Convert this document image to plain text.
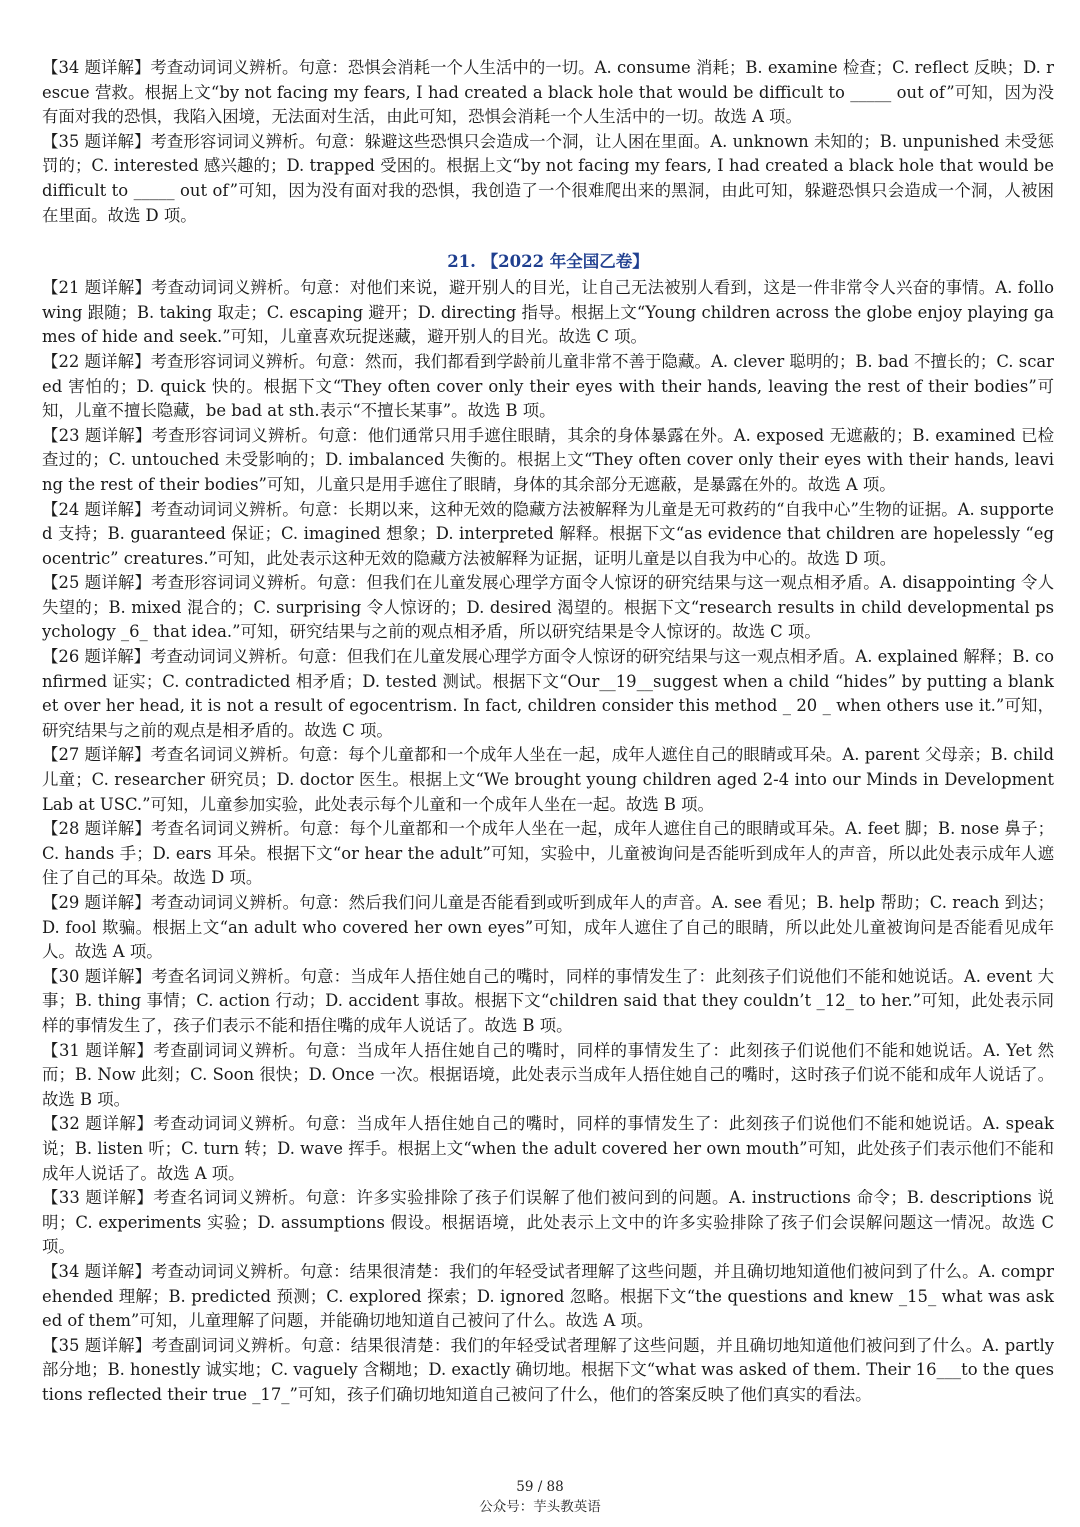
【34 题详解】考查动词词义辨析。句意：恐惧会消耗一个人生活中的一切。A. consume 消耗；B. examine 检查；C. reflect 反映；D. rescue 营救。根据上文“by not facing my fears, I had created a black hole that would be difficult to _____ out of”可知，因为没有面对我的恐惧，我陷入困境，无法面对生活，由此可知，恐惧会消耗一个人生活中的一切。故选 A 项。

【35 题详解】考查形容词词义辨析。句意：躲避这些恐惧只会造成一个洞，让人困在里面。A. unknown 未知的；B. unpunished 未受惩罚的；C. interested 感兴趣的；D. trapped 受困的。根据上文“by not facing my fears, I had created a black hole that would be difficult to _____ out of”可知，因为没有面对我的恐惧，我创造了一个很难爬出来的黑洞，由此可知，躲避恐惧只会造成一个洞，人被困在里面。故选 D 项。

21. 【2022 年全国乙卷】

【21 题详解】考查动词词义辨析。句意：对他们来说，避开别人的目光，让自己无法被别人看到，这是一件非常令人兴奋的事情。A. following 跟随；B. taking 取走；C. escaping 避开；D. directing 指导。根据上文“Young children across the globe enjoy playing games of hide and seek.”可知，儿童喜欢玩捉迷藏，避开别人的目光。故选 C 项。

【22 题详解】考查形容词词义辨析。句意：然而，我们都看到学龄前儿童非常不善于隐藏。A. clever 聪明的；B. bad 不擅长的；C. scared 害怕的；D. quick 快的。根据下文“They often cover only their eyes with their hands, leaving the rest of their bodies”可知，儿童不擅长隐藏，be bad at sth.表示“不擅长某事”。故选 B 项。

【23 题详解】考查形容词词义辨析。句意：他们通常只用手遮住眼睛，其余的身体暴露在外。A. exposed 无遮蔽的；B. examined 已检查过的；C. untouched 未受影响的；D. imbalanced 失衡的。根据上文“They often cover only their eyes with their hands, leaving the rest of their bodies”可知，儿童只是用手遮住了眼睛，身体的其余部分无遮蔽，是暴露在外的。故选 A 项。

【24 题详解】考查动词词义辨析。句意：长期以来，这种无效的隐藏方法被解释为儿童是无可救药的“自我中心”生物的证据。A. supported 支持；B. guaranteed 保证；C. imagined 想象；D. interpreted 解释。根据下文“as evidence that children are hopelessly “egocentric” creatures.”可知，此处表示这种无效的隐藏方法被解释为证据，证明儿童是以自我为中心的。故选 D 项。

【25 题详解】考查形容词词义辨析。句意：但我们在儿童发展心理学方面令人惊讶的研究结果与这一观点相矛盾。A. disappointing 令人失望的；B. mixed 混合的；C. surprising 令人惊讶的；D. desired 渴望的。根据下文“research results in child developmental psychology _6_ that idea.”可知，研究结果与之前的观点相矛盾，所以研究结果是令人惊讶的。故选 C 项。

【26 题详解】考查动词词义辨析。句意：但我们在儿童发展心理学方面令人惊讶的研究结果与这一观点相矛盾。A. explained 解释；B. confirmed 证实；C. contradicted 相矛盾；D. tested 测试。根据下文“Our__19__suggest when a child “hides” by putting a blanket over her head, it is not a result of egocentrism. In fact, children consider this method _ 20 _ when others use it.”可知，研究结果与之前的观点是相矛盾的。故选 C 项。

【27 题详解】考查名词词义辨析。句意：每个儿童都和一个成年人坐在一起，成年人遮住自己的眼睛或耳朵。A. parent 父母亲；B. child 儿童；C. researcher 研究员；D. doctor 医生。根据上文“We brought young children aged 2-4 into our Minds in Development Lab at USC.”可知，儿童参加实验，此处表示每个儿童和一个成年人坐在一起。故选 B 项。

【28 题详解】考查名词词义辨析。句意：每个儿童都和一个成年人坐在一起，成年人遮住自己的眼睛或耳朵。A. feet 脚；B. nose 鼻子；C. hands 手；D. ears 耳朵。根据下文“or hear the adult”可知，实验中，儿童被询问是否能听到成年人的声音，所以此处表示成年人遮住了自己的耳朵。故选 D 项。

【29 题详解】考查动词词义辨析。句意：然后我们问儿童是否能看到或听到成年人的声音。A. see 看见；B. help 帮助；C. reach 到达；D. fool 欺骗。根据上文“an adult who covered her own eyes”可知，成年人遮住了自己的眼睛，所以此处儿童被询问是否能看见成年人。故选 A 项。

【30 题详解】考查名词词义辨析。句意：当成年人捂住她自己的嘴时，同样的事情发生了：此刻孩子们说他们不能和她说话。A. event 大事；B. thing 事情；C. action 行动；D. accident 事故。根据下文“children said that they couldn’t _12_ to her.”可知，此处表示同样的事情发生了，孩子们表示不能和捂住嘴的成年人说话了。故选 B 项。

【31 题详解】考查副词词义辨析。句意：当成年人捂住她自己的嘴时，同样的事情发生了：此刻孩子们说他们不能和她说话。A. Yet 然而；B. Now 此刻；C. Soon 很快；D. Once 一次。根据语境，此处表示当成年人捂住她自己的嘴时，这时孩子们说不能和成年人说话了。故选 B 项。

【32 题详解】考查动词词义辨析。句意：当成年人捂住她自己的嘴时，同样的事情发生了：此刻孩子们说他们不能和她说话。A. speak 说；B. listen 听；C. turn 转；D. wave 挥手。根据上文“when the adult covered her own mouth”可知，此处孩子们表示他们不能和成年人说话了。故选 A 项。

【33 题详解】考查名词词义辨析。句意：许多实验排除了孩子们误解了他们被问到的问题。A. instructions 命令；B. descriptions 说明；C. experiments 实验；D. assumptions 假设。根据语境，此处表示上文中的许多实验排除了孩子们会误解问题这一情况。故选 C 项。

【34 题详解】考查动词词义辨析。句意：结果很清楚：我们的年轻受试者理解了这些问题，并且确切地知道他们被问到了什么。A. comprehended 理解；B. predicted 预测；C. explored 探索；D. ignored 忽略。根据下文“the questions and knew _15_ what was asked of them”可知，儿童理解了问题，并能确切地知道自己被问了什么。故选 A 项。

【35 题详解】考查副词词义辨析。句意：结果很清楚：我们的年轻受试者理解了这些问题，并且确切地知道他们被问到了什么。A. partly 部分地；B. honestly 诚实地；C. vaguely 含糊地；D. exactly 确切地。根据下文“what was asked of them. Their 16___to the questions reflected their true _17_”可知，孩子们确切地知道自己被问了什么，他们的答案反映了他们真实的看法。

59 / 88
公众号：芋头教英语
